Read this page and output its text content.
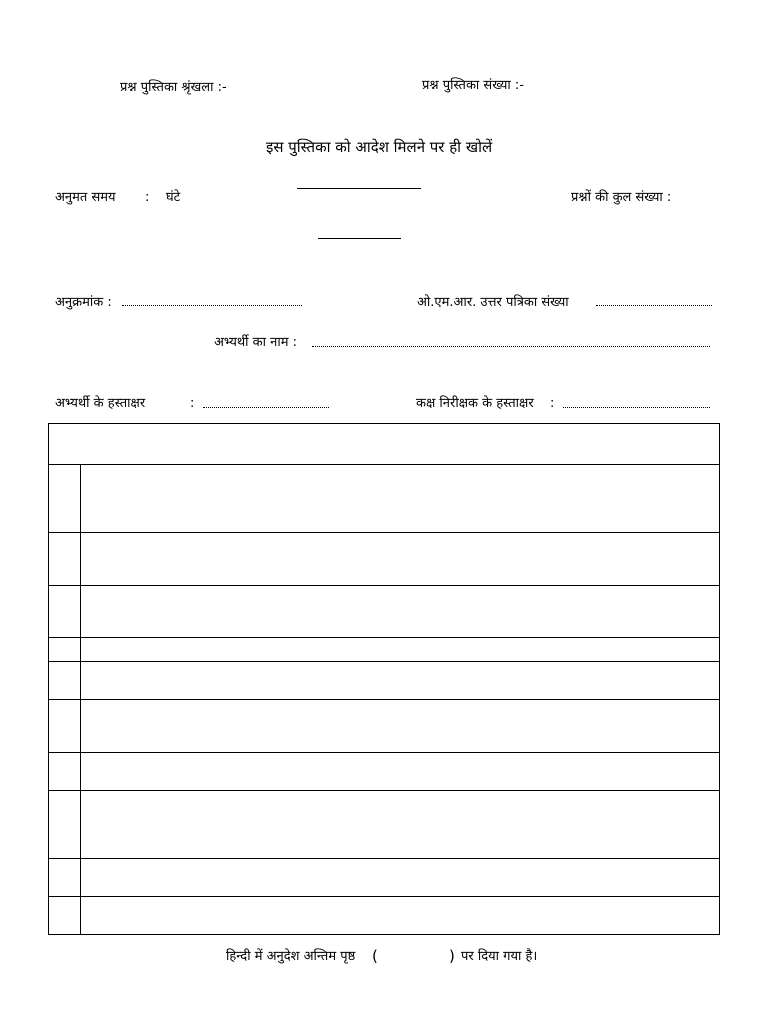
प्रश्न पुस्तिका श्रृंखला :-	प्रश्न पुस्तिका संख्या :-
इस पुस्तिका को आदेश मिलने पर ही खोलें
अनुमत समय : घंटे	प्रश्नों की कुल संख्या :
अनुक्रमांक :	ओ.एम.आर. उत्तर पत्रिका संख्या
अभ्यर्थी का नाम :
अभ्यर्थी के हस्ताक्षर	:	कक्ष निरीक्षक के हस्ताक्षर :
हिन्दी में अनुदेश अन्तिम पृष्ठ (	) पर दिया गया है।
